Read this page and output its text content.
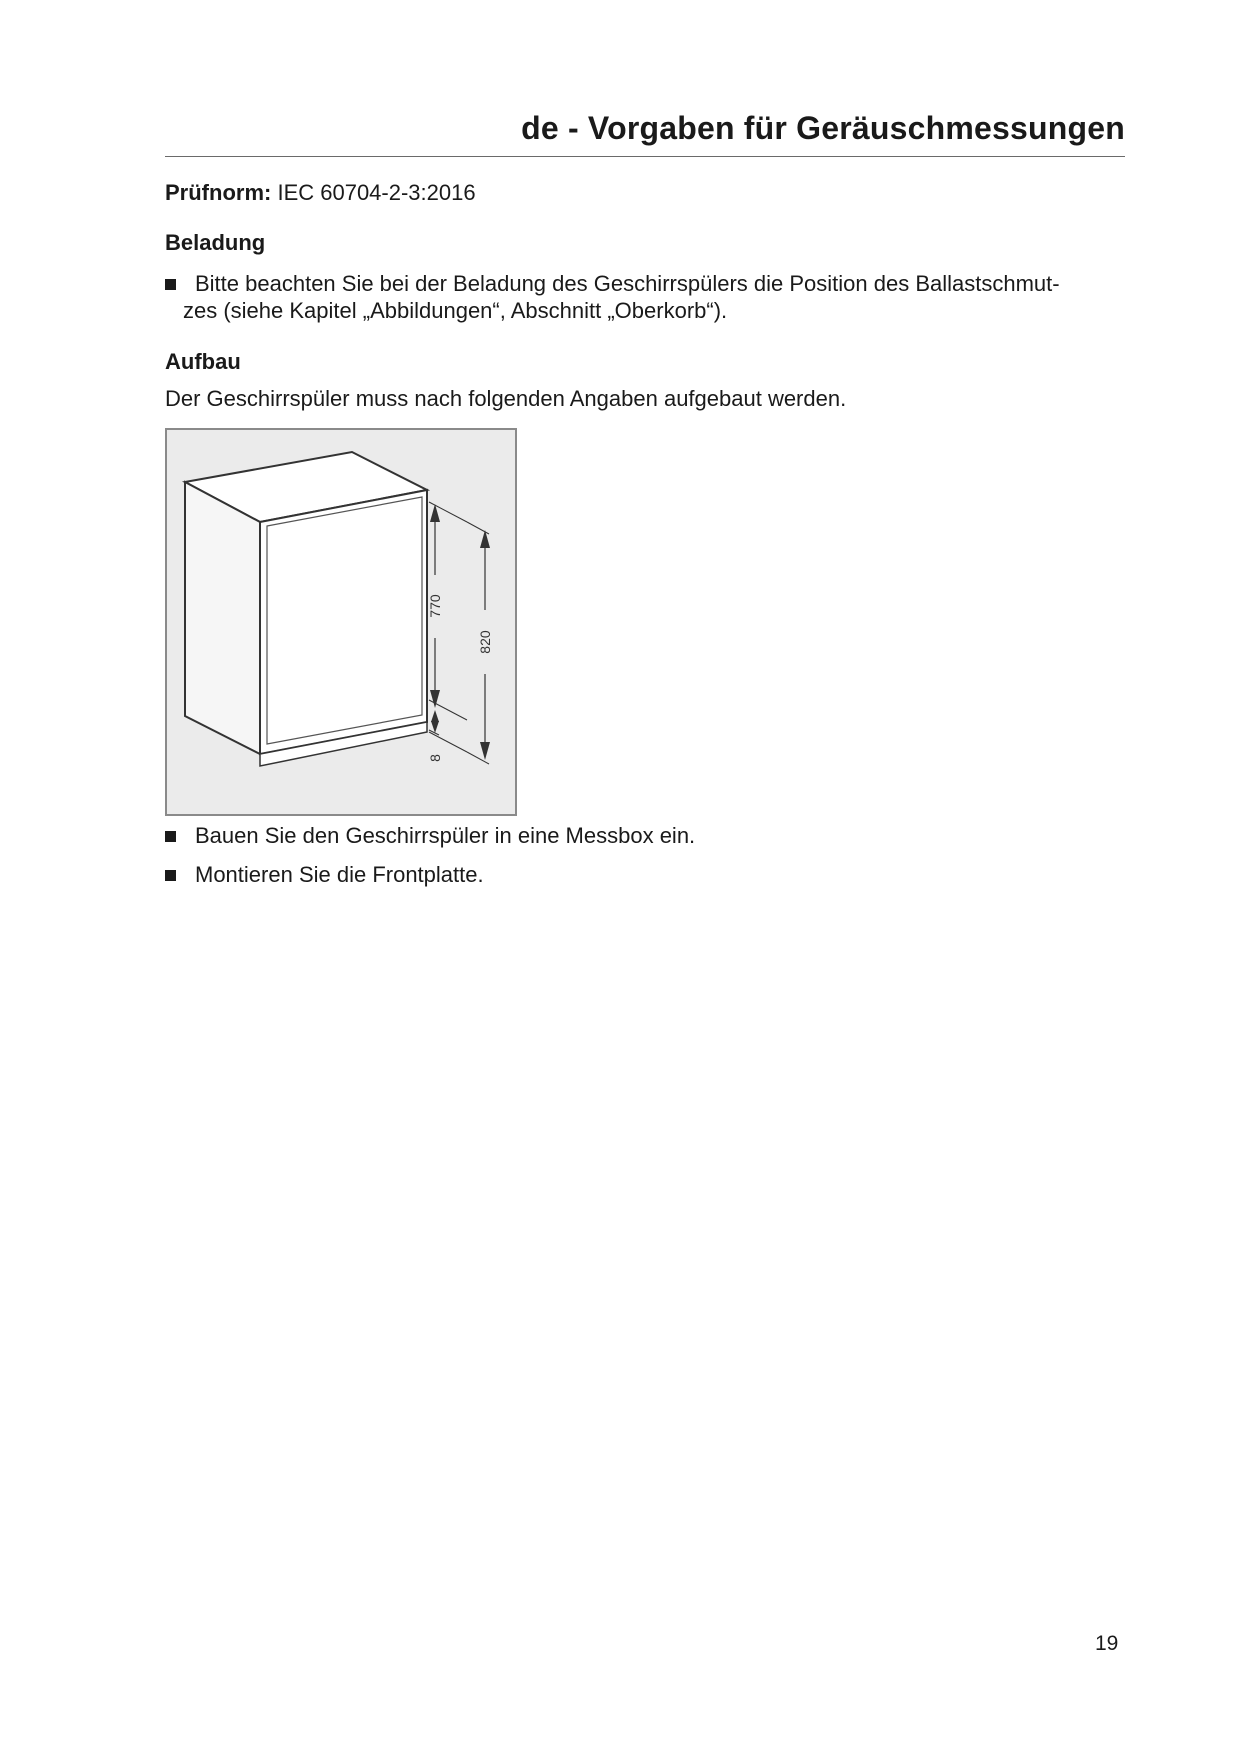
de - Vorgaben für Geräuschmessungen
Prüfnorm: IEC 60704-2-3:2016
Beladung
Bitte beachten Sie bei der Beladung des Geschirrspülers die Position des Ballastschmut-
zes (siehe Kapitel „Abbildungen“, Abschnitt „Oberkorb“).
Aufbau
Der Geschirrspüler muss nach folgenden Angaben aufgebaut werden.
770
8
820
Bauen Sie den Geschirrspüler in eine Messbox ein.
Montieren Sie die Frontplatte.
19
